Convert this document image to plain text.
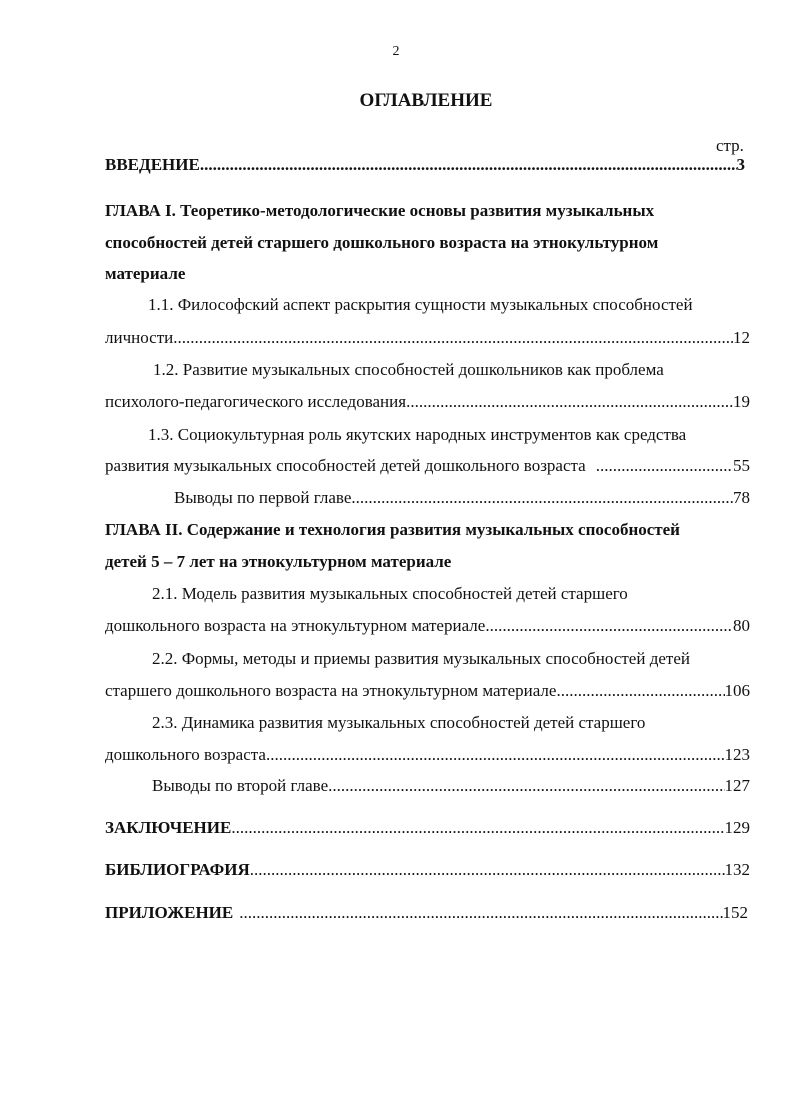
2
ОГЛАВЛЕНИЕ
стр.
ВВЕДЕНИЕ .....	3
ГЛАВА I. Теоретико-методологические основы развития музыкальных
способностей детей старшего дошкольного возраста на этнокультурном
материале
1.1. Философский аспект раскрытия сущности музыкальных способностей
личности .....	12
1.2. Развитие музыкальных способностей дошкольников как проблема
психолого-педагогического исследования .....	19
1.3. Социокультурная роль якутских народных инструментов как средства
развития музыкальных способностей детей дошкольного возраста .....	55
Выводы по первой главе .....	78
ГЛАВА II. Содержание и технология развития музыкальных способностей
детей 5 – 7 лет на этнокультурном материале
2.1. Модель развития музыкальных способностей детей старшего
дошкольного возраста на этнокультурном материале .....	80
2.2. Формы, методы и приемы развития музыкальных способностей детей
старшего дошкольного возраста на этнокультурном материале .....	106
2.3. Динамика развития музыкальных способностей детей старшего
дошкольного возраста .....	123
Выводы по второй главе .....	127
ЗАКЛЮЧЕНИЕ .....	129
БИБЛИОГРАФИЯ .....	132
ПРИЛОЖЕНИЕ .....	152
